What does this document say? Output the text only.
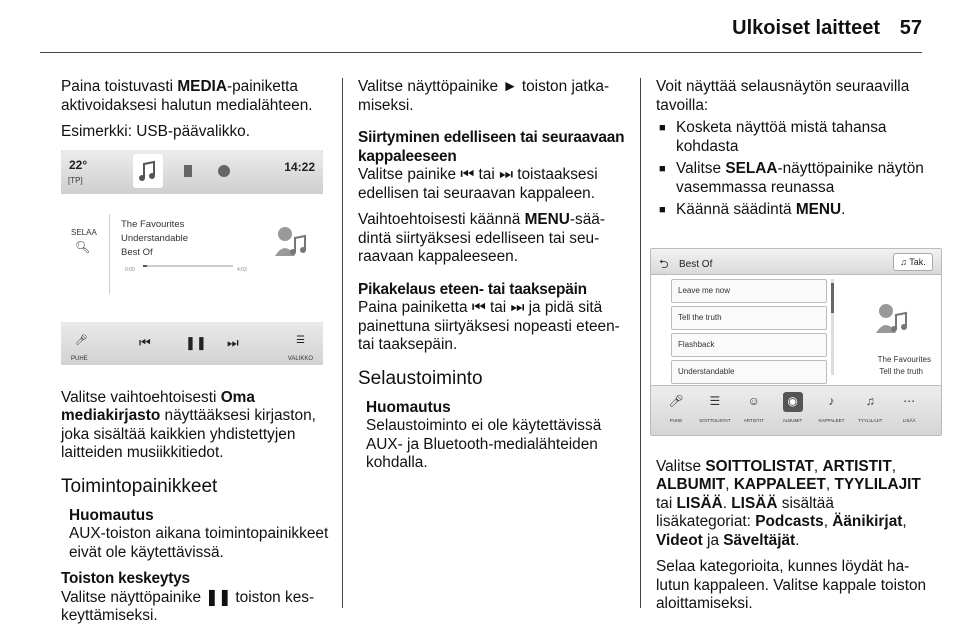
Ulkoiset laitteet 57

Paina toistuvasti MEDIA-painiketta aktivoidaksesi halutun medialähteen.

Esimerkki: USB-päävalikko.

22°
[TP]
14:22
SELAA
🔍︎
The Favourites
Understandable
Best Of
0:00	4:03
🎤︎
PUHE
⏮	❚❚ ⏭	☰
VALIKKO

Valitse vaihtoehtoisesti Oma mediakirjasto näyttääksesi kirjaston, joka sisältää kaikkien yhdistettyjen laitteiden musiikkitiedot.

Toimintopainikkeet
Huomautus

AUX-toiston aikana toimintopainikkeet eivät ole käytettävissä.

Toiston keskeytys

Valitse näyttöpainike ❚❚ toiston keskeyttämiseksi.

Valitse näyttöpainike ► toiston jatkamiseksi.

Siirtyminen edelliseen tai seuraavaan kappaleeseen

Valitse painike ⏮ tai ⏭ toistaaksesi edellisen tai seuraavan kappaleen.

Vaihtoehtoisesti käännä MENU-säädintä siirtyäksesi edelliseen tai seuraavaan kappaleeseen.

Pikakelaus eteen- tai taaksepäin

Paina painiketta ⏮ tai ⏭ ja pidä sitä painettuna siirtyäksesi nopeasti eteen- tai taaksepäin.

Selaustoiminto
Huomautus

Selaustoiminto ei ole käytettävissä AUX- ja Bluetooth-medialähteiden kohdalla.

Voit näyttää selausnäytön seuraavilla tavoilla:

■ Kosketa näyttöä mistä tahansa kohdasta
■ Valitse SELAA-näyttöpainike näytön vasemmassa reunassa
■ Käännä säädintä MENU.
⮌ Best Of	♫ Tak.
Leave me now
Tell the truth
Flashback
Understandable
The Favourites
Tell the truth
🎤︎
PUHE
☰
SOITTOLISTAT
☺
ARTISTIT
◉
ALBUMIT
♪
KAPPALEET
♫
TYYLILAJIT
⋯
LISÄÄ

Valitse SOITTOLISTAT, ARTISTIT, ALBUMIT, KAPPALEET, TYYLILAJIT tai LISÄÄ. LISÄÄ sisältää lisäkategoriat: Podcasts, Äänikirjat, Videot ja Säveltäjät.

Selaa kategorioita, kunnes löydät halutun kappaleen. Valitse kappale toiston aloittamiseksi.
